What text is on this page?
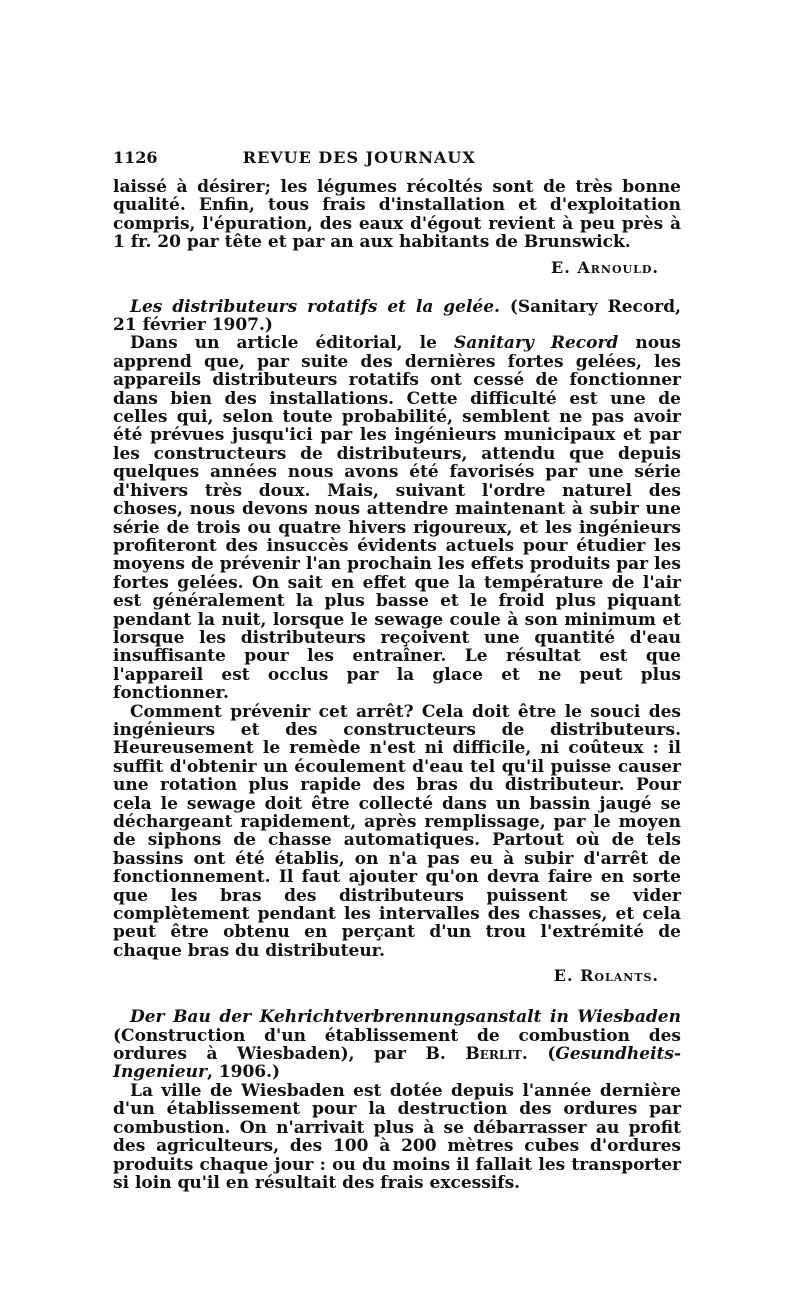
1126	REVUE DES JOURNAUX

laissé à désirer; les légumes récoltés sont de très bonne qualité. Enfin, tous frais d'installation et d'exploitation compris, l'épuration, des eaux d'égout revient à peu près à 1 fr. 20 par tête et par an aux habitants de Brunswick.

E. Arnould.

Les distributeurs rotatifs et la gelée. (Sanitary Record, 21 février 1907.)

Dans un article éditorial, le Sanitary Record nous apprend que, par suite des dernières fortes gelées, les appareils distributeurs rotatifs ont cessé de fonctionner dans bien des installations. Cette difficulté est une de celles qui, selon toute probabilité, semblent ne pas avoir été prévues jusqu'ici par les ingénieurs municipaux et par les constructeurs de distributeurs, attendu que depuis quelques années nous avons été favorisés par une série d'hivers très doux. Mais, suivant l'ordre naturel des choses, nous devons nous attendre maintenant à subir une série de trois ou quatre hivers rigoureux, et les ingénieurs profiteront des insuccès évidents actuels pour étudier les moyens de prévenir l'an prochain les effets produits par les fortes gelées. On sait en effet que la température de l'air est généralement la plus basse et le froid plus piquant pendant la nuit, lorsque le sewage coule à son minimum et lorsque les distributeurs reçoivent une quantité d'eau insuffisante pour les entraîner. Le résultat est que l'appareil est occlus par la glace et ne peut plus fonctionner.

Comment prévenir cet arrêt? Cela doit être le souci des ingénieurs et des constructeurs de distributeurs. Heureusement le remède n'est ni difficile, ni coûteux : il suffit d'obtenir un écoulement d'eau tel qu'il puisse causer une rotation plus rapide des bras du distributeur. Pour cela le sewage doit être collecté dans un bassin jaugé se déchargeant rapidement, après remplissage, par le moyen de siphons de chasse automatiques. Partout où de tels bassins ont été établis, on n'a pas eu à subir d'arrêt de fonctionnement. Il faut ajouter qu'on devra faire en sorte que les bras des distributeurs puissent se vider complètement pendant les intervalles des chasses, et cela peut être obtenu en perçant d'un trou l'extrémité de chaque bras du distributeur.

E. Rolants.

Der Bau der Kehrichtverbrennungsanstalt in Wiesbaden (Construction d'un établissement de combustion des ordures à Wiesbaden), par B. Berlit. (Gesundheits-Ingenieur, 1906.)

La ville de Wiesbaden est dotée depuis l'année dernière d'un établissement pour la destruction des ordures par combustion. On n'arrivait plus à se débarrasser au profit des agriculteurs, des 100 à 200 mètres cubes d'ordures produits chaque jour : ou du moins il fallait les transporter si loin qu'il en résultait des frais excessifs.
